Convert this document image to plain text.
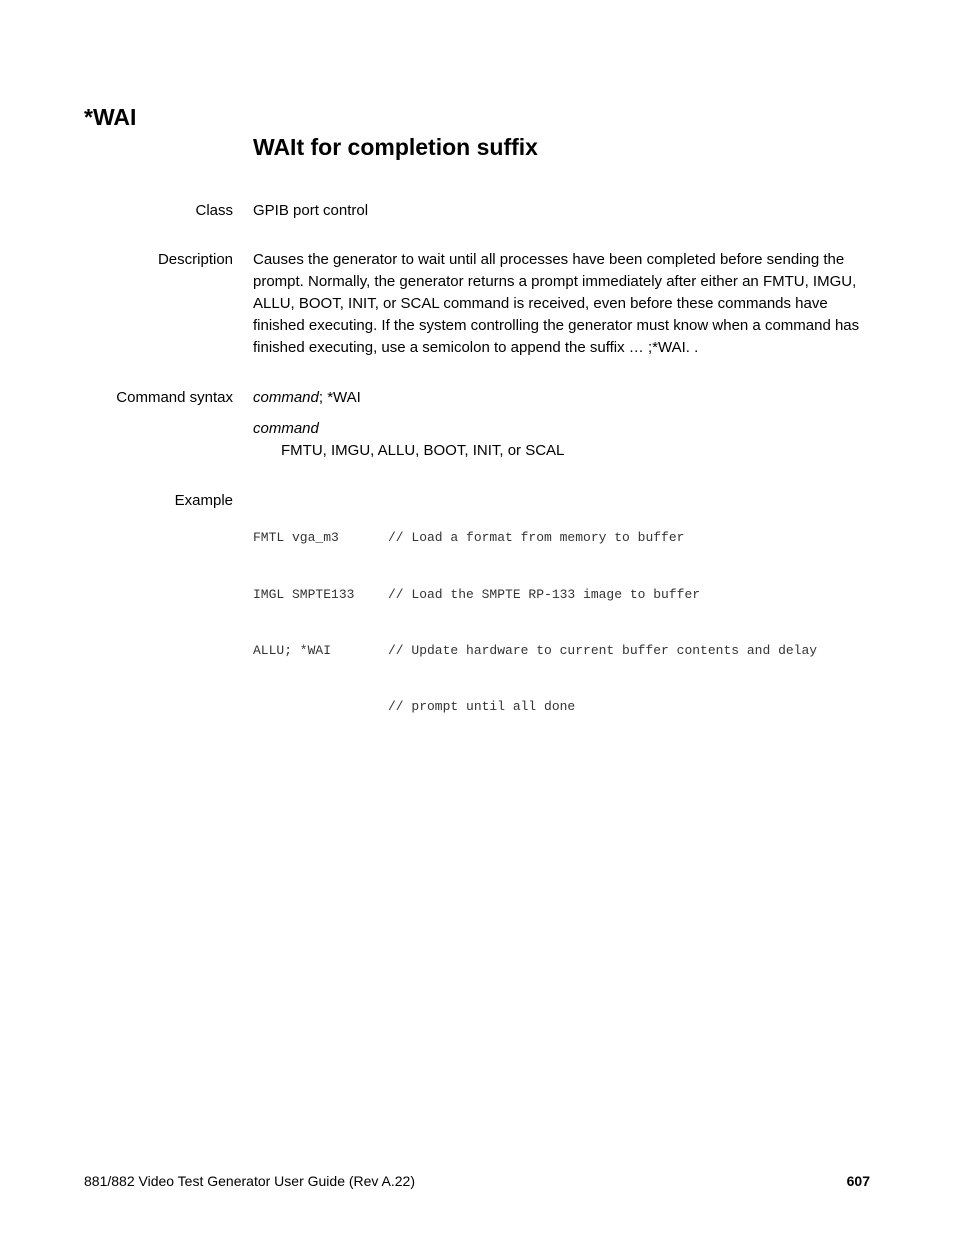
*WAI
WAIt for completion suffix
Class GPIB port control
Description Causes the generator to wait until all processes have been completed before sending the prompt. Normally, the generator returns a prompt immediately after either an FMTU, IMGU, ALLU, BOOT, INIT, or SCAL command is received, even before these commands have finished executing. If the system controlling the generator must know when a command has finished executing, use a semicolon to append the suffix … ;*WAI. .
Command syntax command; *WAI
command
FMTU, IMGU, ALLU, BOOT, INIT, or SCAL
Example

FMTL vga_m3	// Load a format from memory to buffer

IMGL SMPTE133	// Load the SMPTE RP-133 image to buffer

ALLU; *WAI	// Update hardware to current buffer contents and delay

// prompt until all done

881/882 Video Test Generator User Guide (Rev A.22)	607
